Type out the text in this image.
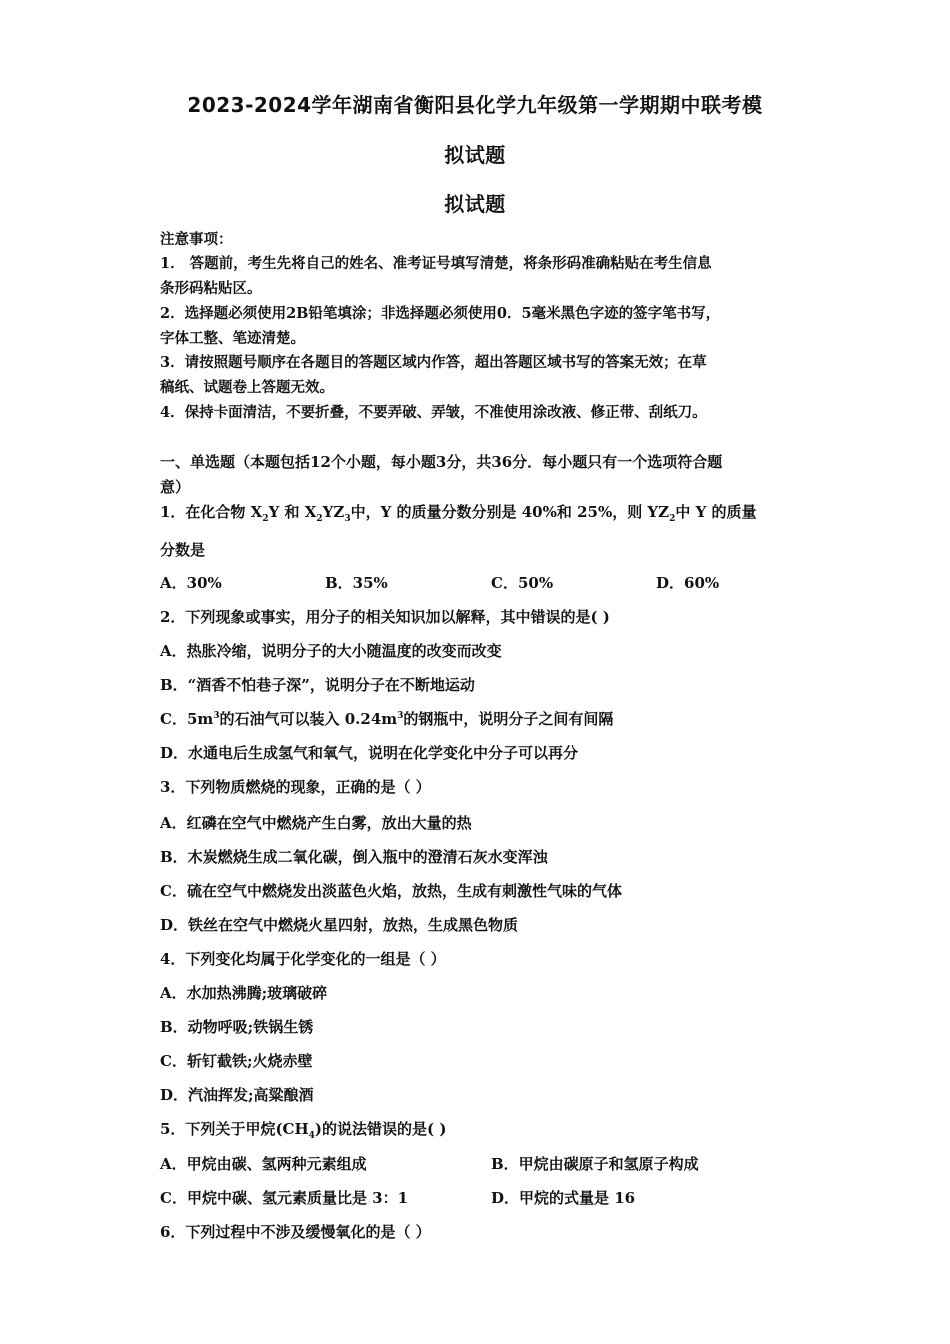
2023-2024学年湖南省衡阳县化学九年级第一学期期中联考模
拟试题
拟试题
注意事项：
1． 答题前，考生先将自己的姓名、准考证号填写清楚，将条形码准确粘贴在考生信息
条形码粘贴区。
2．选择题必须使用2B铅笔填涂；非选择题必须使用0．5毫米黑色字迹的签字笔书写，
字体工整、笔迹清楚。
3．请按照题号顺序在各题目的答题区域内作答，超出答题区域书写的答案无效；在草
稿纸、试题卷上答题无效。
4．保持卡面清洁，不要折叠，不要弄破、弄皱，不准使用涂改液、修正带、刮纸刀。
一、单选题（本题包括12个小题，每小题3分，共36分．每小题只有一个选项符合题
意）
1．在化合物 $X_2Y$ 和 $X_2YZ_3$中，Y 的质量分数分别是 40%和 25%，则 $YZ_2$中 Y 的质量
分数是
A．30%	B．35%	C．50%	D．60%
2．下列现象或事实，用分子的相关知识加以解释，其中错误的是( )
A．热胀冷缩，说明分子的大小随温度的改变而改变
B．“酒香不怕巷子深”，说明分子在不断地运动
C．$5m^3$的石油气可以装入 $0.24m^3$的钢瓶中，说明分子之间有间隔
D．水通电后生成氢气和氧气，说明在化学变化中分子可以再分
3．下列物质燃烧的现象，正确的是（ ）
A．红磷在空气中燃烧产生白雾，放出大量的热
B．木炭燃烧生成二氧化碳，倒入瓶中的澄清石灰水变浑浊
C．硫在空气中燃烧发出淡蓝色火焰，放热，生成有刺激性气味的气体
D．铁丝在空气中燃烧火星四射，放热，生成黑色物质
4．下列变化均属于化学变化的一组是（ ）
A．水加热沸腾;玻璃破碎
B．动物呼吸;铁锅生锈
C．斩钉截铁;火烧赤壁
D．汽油挥发;高粱酿酒
5．下列关于甲烷$(CH_4)$的说法错误的是( )
A．甲烷由碳、氢两种元素组成	B．甲烷由碳原子和氢原子构成
C．甲烷中碳、氢元素质量比是 3：1	D．甲烷的式量是 16
6．下列过程中不涉及缓慢氧化的是（ ）
